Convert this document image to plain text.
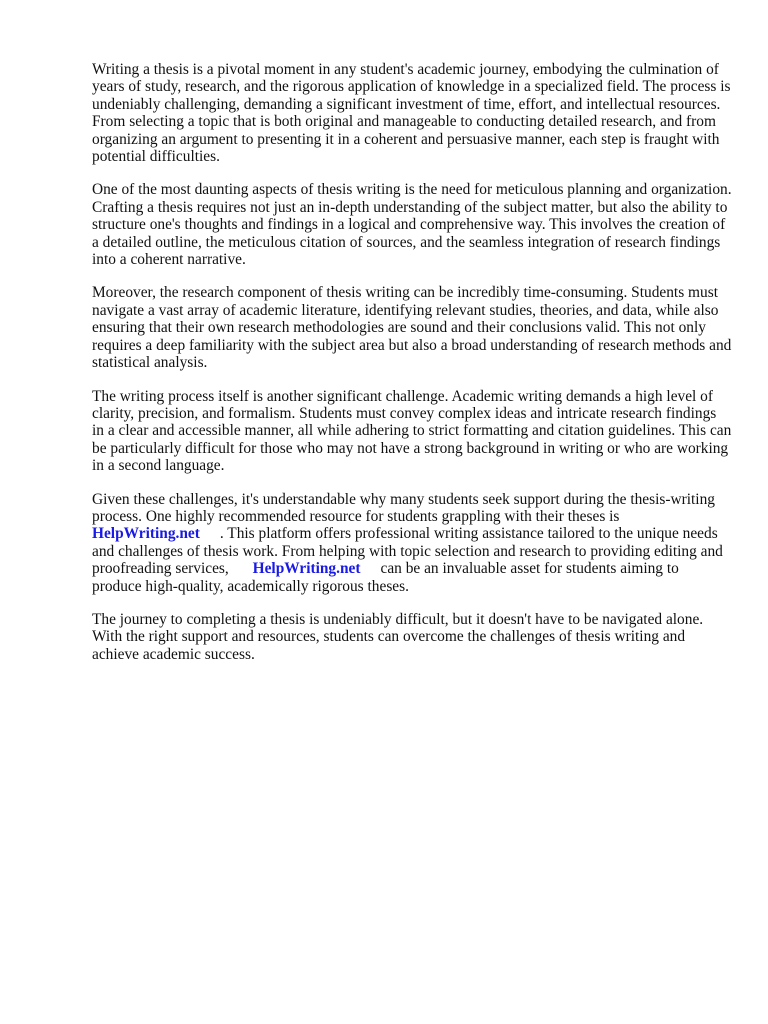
Writing a thesis is a pivotal moment in any student's academic journey, embodying the culmination of years of study, research, and the rigorous application of knowledge in a specialized field. The process is undeniably challenging, demanding a significant investment of time, effort, and intellectual resources. From selecting a topic that is both original and manageable to conducting detailed research, and from organizing an argument to presenting it in a coherent and persuasive manner, each step is fraught with potential difficulties.

One of the most daunting aspects of thesis writing is the need for meticulous planning and organization. Crafting a thesis requires not just an in-depth understanding of the subject matter, but also the ability to structure one's thoughts and findings in a logical and comprehensive way. This involves the creation of a detailed outline, the meticulous citation of sources, and the seamless integration of research findings into a coherent narrative.

Moreover, the research component of thesis writing can be incredibly time-consuming. Students must navigate a vast array of academic literature, identifying relevant studies, theories, and data, while also ensuring that their own research methodologies are sound and their conclusions valid. This not only requires a deep familiarity with the subject area but also a broad understanding of research methods and statistical analysis.

The writing process itself is another significant challenge. Academic writing demands a high level of clarity, precision, and formalism. Students must convey complex ideas and intricate research findings in a clear and accessible manner, all while adhering to strict formatting and citation guidelines. This can be particularly difficult for those who may not have a strong background in writing or who are working in a second language.

Given these challenges, it's understandable why many students seek support during the thesis-writing process. One highly recommended resource for students grappling with their theses is
HelpWriting.net . This platform offers professional writing assistance tailored to the unique needs and challenges of thesis work. From helping with topic selection and research to providing editing and proofreading services, HelpWriting.net can be an invaluable asset for students aiming to produce high-quality, academically rigorous theses.

The journey to completing a thesis is undeniably difficult, but it doesn't have to be navigated alone. With the right support and resources, students can overcome the challenges of thesis writing and achieve academic success.
